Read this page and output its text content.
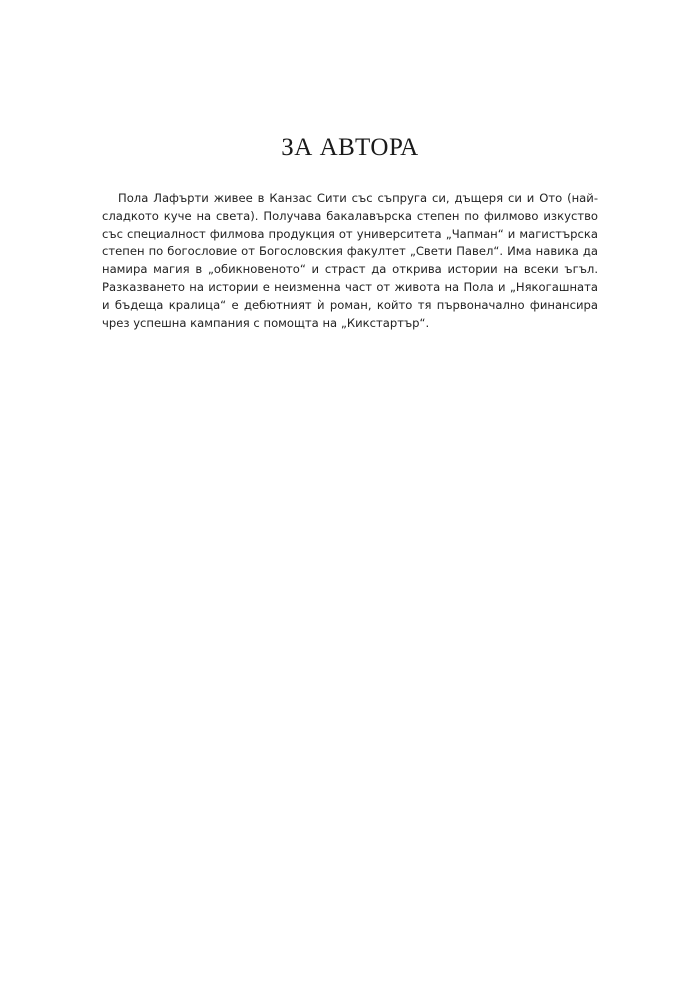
ЗА АВТОРА

Пола Лафърти живее в Канзас Сити със съпруга си, дъщеря си и Ото (най-сладкото куче на света). Получава бакалавърска степен по филмово изкуство със специалност филмова продукция от университета „Чапман“ и магистърска степен по богословие от Богословския факултет „Свети Павел“. Има навика да намира магия в „обикновеното“ и страст да открива истории на всеки ъгъл. Разказването на истории е неизменна част от живота на Пола и „Някогашната и бъдеща кралица“ е дебютният ѝ роман, който тя първоначално финансира чрез успешна кампания с помощта на „Кикстартър“.
